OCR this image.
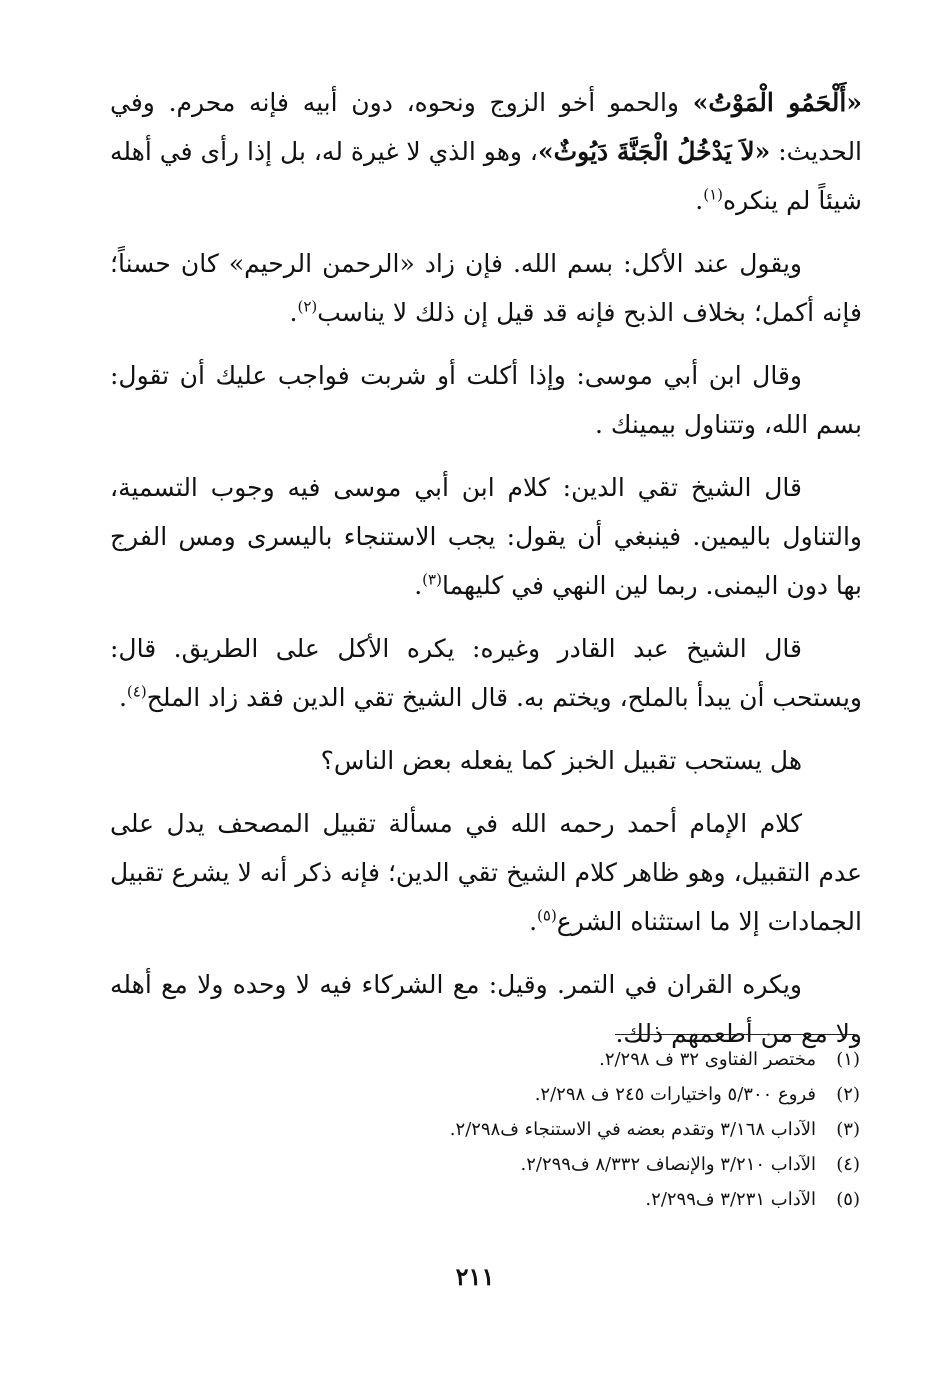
«أَلْحَمُو الْمَوْتُ» والحمو أخو الزوج ونحوه، دون أبيه فإنه محرم. وفي الحديث: «لاَ يَدْخُلُ الْجَنَّةَ دَيُوثٌ»، وهو الذي لا غيرة له، بل إذا رأى في أهله شيئاً لم ينكره$^{(١)}$.

ويقول عند الأكل: بسم الله. فإن زاد «الرحمن الرحيم» كان حسناً؛ فإنه أكمل؛ بخلاف الذبح فإنه قد قيل إن ذلك لا يناسب$^{(٢)}$.

وقال ابن أبي موسى: وإذا أكلت أو شربت فواجب عليك أن تقول: بسم الله، وتتناول بيمينك .

قال الشيخ تقي الدين: كلام ابن أبي موسى فيه وجوب التسمية، والتناول باليمين. فينبغي أن يقول: يجب الاستنجاء باليسرى ومس الفرج بها دون اليمنى. ربما لين النهي في كليهما$^{(٣)}$.

قال الشيخ عبد القادر وغيره: يكره الأكل على الطريق. قال: ويستحب أن يبدأ بالملح، ويختم به. قال الشيخ تقي الدين فقد زاد الملح$^{(٤)}$.

هل يستحب تقبيل الخبز كما يفعله بعض الناس؟

كلام الإمام أحمد رحمه الله في مسألة تقبيل المصحف يدل على عدم التقبيل، وهو ظاهر كلام الشيخ تقي الدين؛ فإنه ذكر أنه لا يشرع تقبيل الجمادات إلا ما استثناه الشرع$^{(٥)}$.

ويكره القران في التمر. وقيل: مع الشركاء فيه لا وحده ولا مع أهله ولا مع من أطعمهم ذلك.

(١)
مختصر الفتاوى ٣٢ ف ٢/٢٩٨.
(٢)
فروع ٥/٣٠٠ واختيارات ٢٤٥ ف ٢/٢٩٨.
(٣)
الآداب ٣/١٦٨ وتقدم بعضه في الاستنجاء ف٢/٢٩٨.
(٤)
الآداب ٣/٢١٠ والإنصاف ٨/٣٣٢ ف٢/٢٩٩.
(٥)
الآداب ٣/٢٣١ ف٢/٢٩٩.
٢١١
